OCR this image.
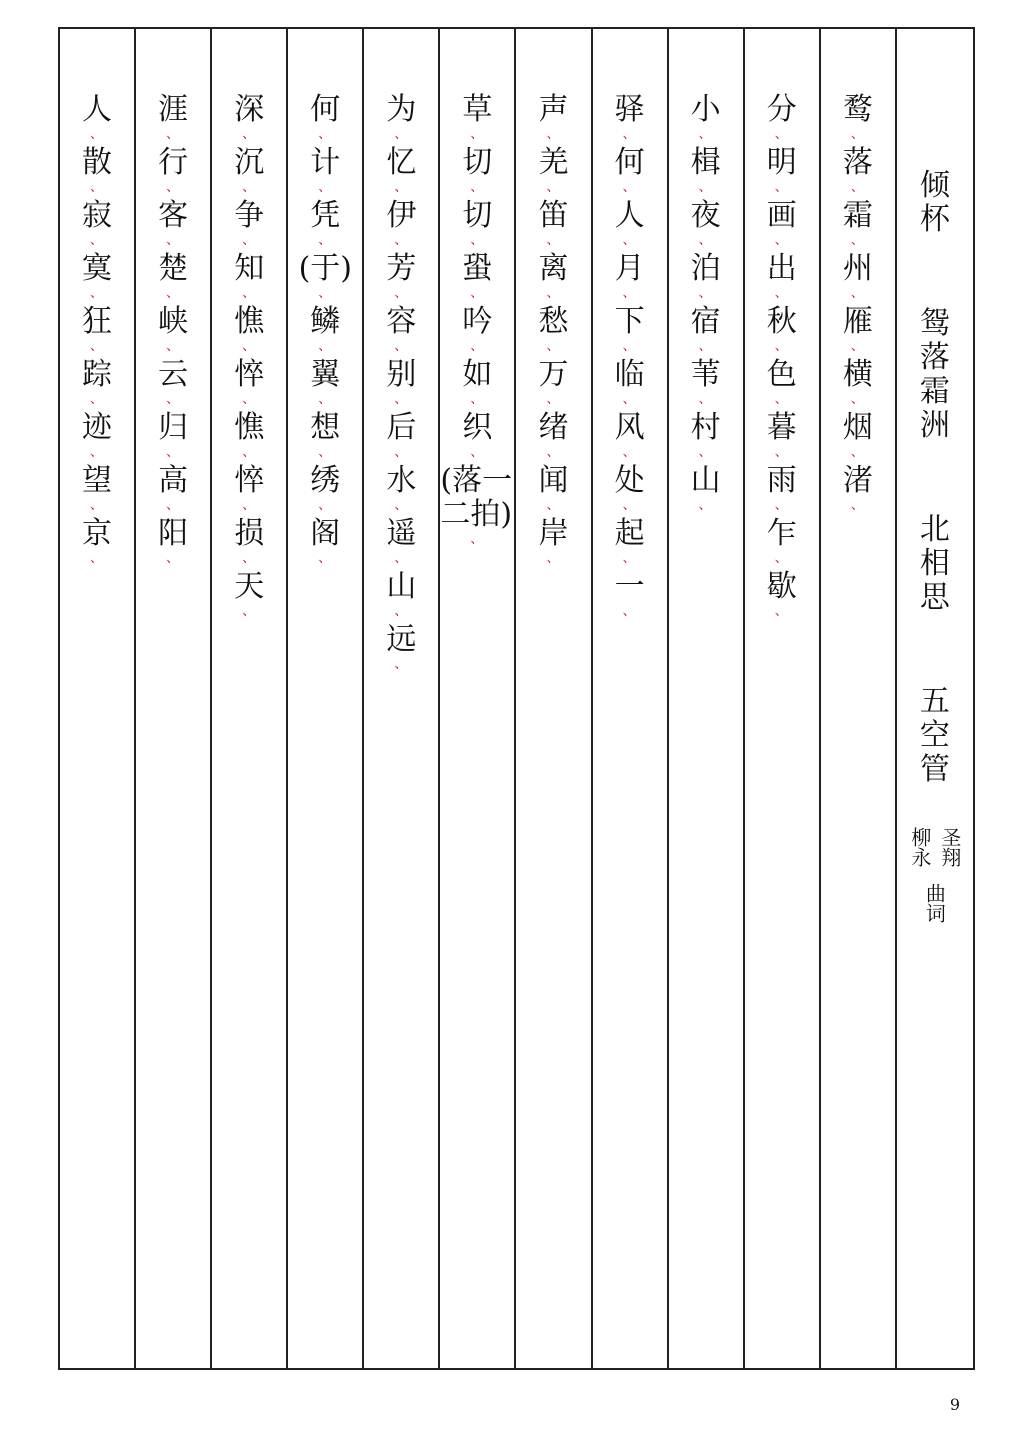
人
、
散
、
寂
、
寞
、
狂
、
踪
、
迹
、
望
、
京
、
涯
、
行
、
客
、
楚
、
峡
、
云
、
归
、
高
、
阳
、
深
、
沉
、
争
、
知
、
憔
、
悴
、
憔
、
悴
、
损
、
天
、
何
、
计
、
凭
、
(于)
、
鳞
、
翼
、
想
、
绣
、
阁
、
为
、
忆
、
伊
、
芳
、
容
、
别
、
后
、
水
、
遥
、
山
、
远
、
草
、
切
、
切
、
蛩
、
吟
、
如
、
织
、
(落一二拍)
、
声
、
羌
、
笛
、
离
、
愁
、
万
、
绪
、
闻
、
岸
、
驿
、
何
、
人
、
月
、
下
、
临
、
风
、
处
、
起
、
一
、
小
、
楫
、
夜
、
泊
、
宿
、
苇
、
村
、
山
、
分
、
明
、
画
、
出
、
秋
、
色
、
暮
、
雨
、
乍
、
歇
、
鹜
、
落
、
霜
、
州
、
雁
、
横
、
烟
、
渚
、
倾
杯
鸳
落
霜
洲
北
相
思
五
空
管
柳永 圣翔
曲词
9
